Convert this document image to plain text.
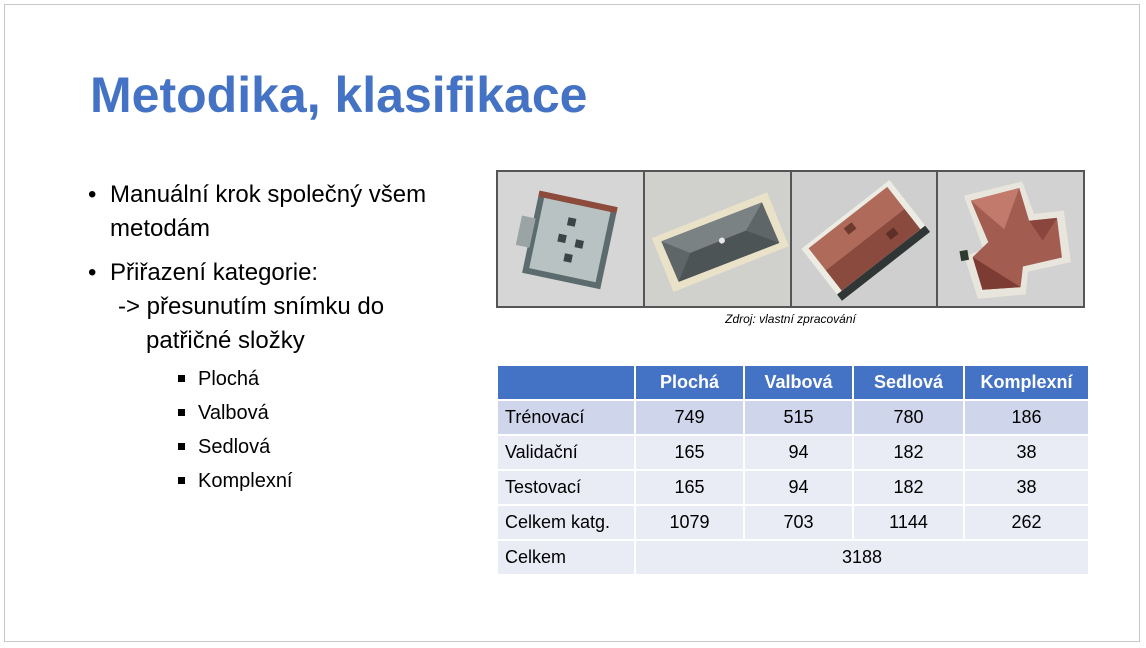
Metodika, klasifikace
• Manuální krok společný všem
metodám
• Přiřazení kategorie:
-> přesunutím snímku do
patřičné složky
Plochá
Valbová
Sedlová
Komplexní
Zdroj: vlastní zpracování
	Plochá	Valbová	Sedlová	Komplexní
Trénovací	749	515	780	186
Validační	165	94	182	38
Testovací	165	94	182	38
Celkem katg.	1079	703	1144	262
Celkem	3188			
